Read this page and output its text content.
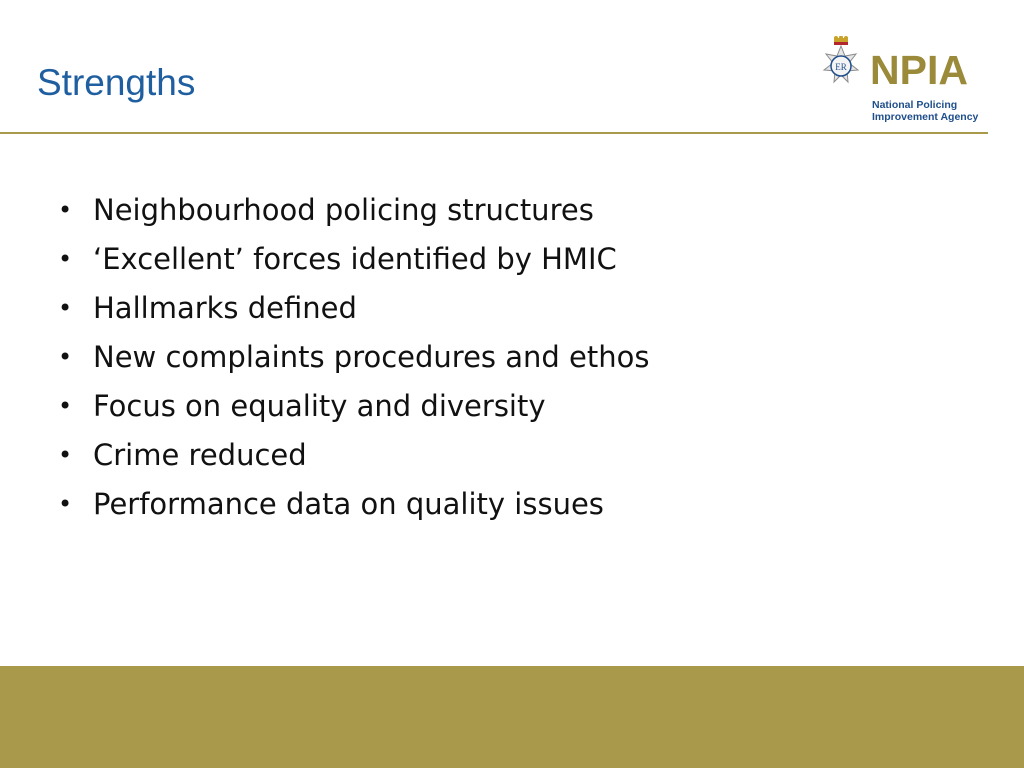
Strengths	ER NPIA
National Policing
Improvement Agency
• Neighbourhood policing structures
• ‘Excellent’ forces identified by HMIC
• Hallmarks defined
• New complaints procedures and ethos
• Focus on equality and diversity
• Crime reduced
• Performance data on quality issues
